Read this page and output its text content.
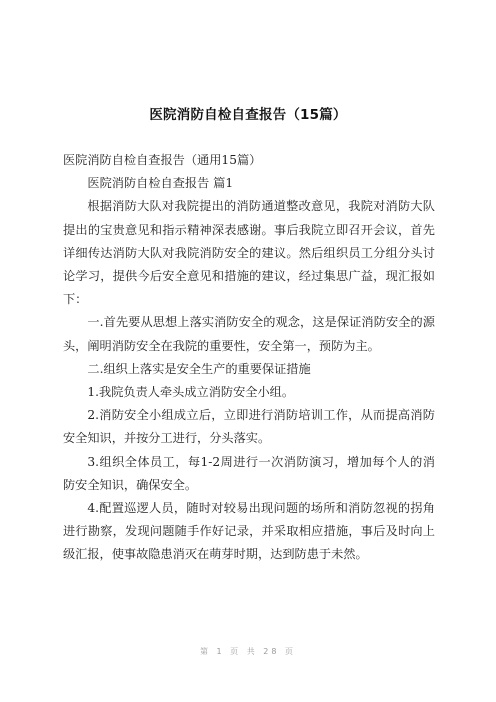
医院消防自检自查报告（15篇）

医院消防自检自查报告（通用15篇）

医院消防自检自查报告 篇1

根据消防大队对我院提出的消防通道整改意见，我院对消防大队提出的宝贵意见和指示精神深表感谢。事后我院立即召开会议，首先详细传达消防大队对我院消防安全的建议。然后组织员工分组分头讨论学习，提供今后安全意见和措施的建议，经过集思广益，现汇报如下：

一.首先要从思想上落实消防安全的观念，这是保证消防安全的源头，阐明消防安全在我院的重要性，安全第一，预防为主。

二.组织上落实是安全生产的重要保证措施

1.我院负责人牵头成立消防安全小组。

2.消防安全小组成立后，立即进行消防培训工作，从而提高消防安全知识，并按分工进行，分头落实。

3.组织全体员工，每1-2周进行一次消防演习，增加每个人的消防安全知识，确保安全。

4.配置巡逻人员，随时对较易出现问题的场所和消防忽视的拐角进行勘察，发现问题随手作好记录，并采取相应措施，事后及时向上级汇报，使事故隐患消灭在萌芽时期，达到防患于未然。

第 1 页 共 28 页
